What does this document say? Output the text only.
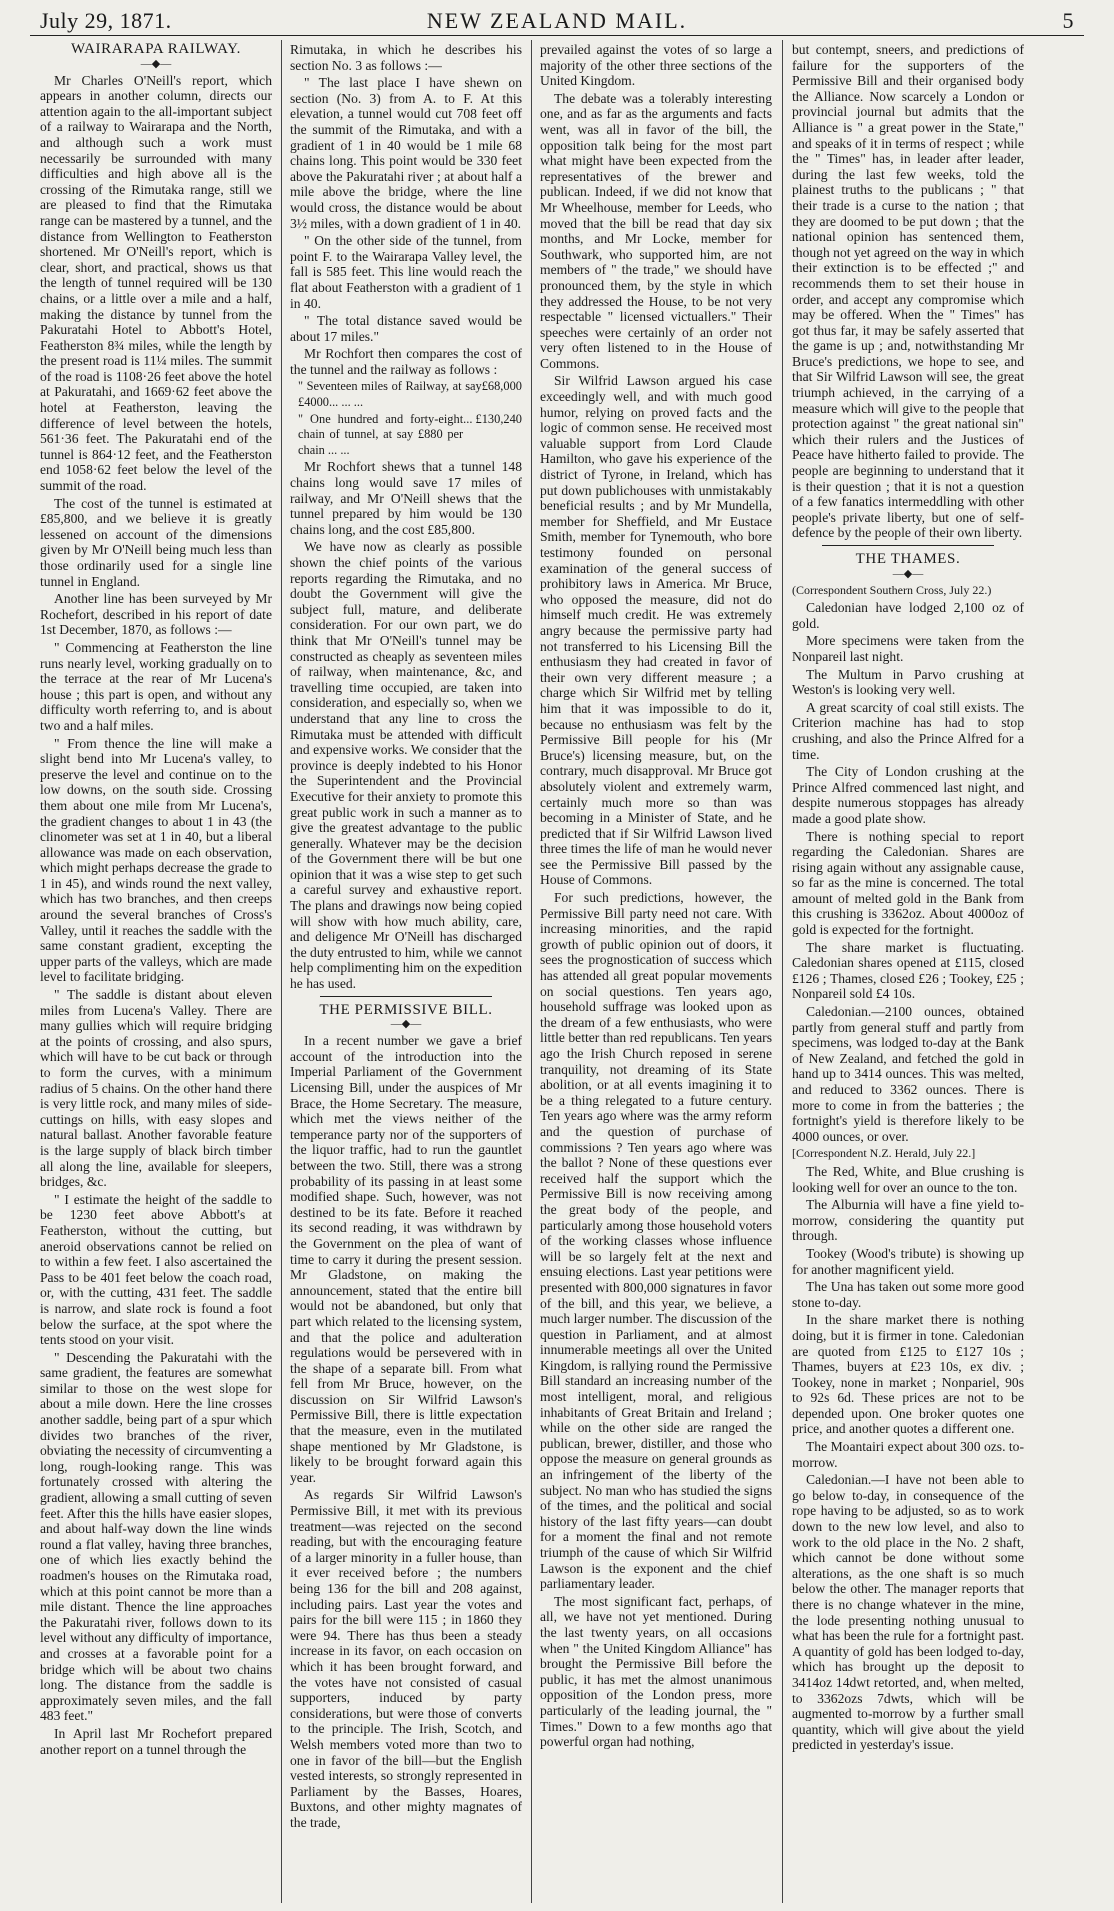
July 29, 1871.	NEW ZEALAND MAIL.	5
WAIRARAPA RAILWAY.
—◆—

Mr Charles O'Neill's report, which appears in another column, directs our attention again to the all-important subject of a railway to Wairarapa and the North, and although such a work must necessarily be surrounded with many difficulties and high above all is the crossing of the Rimutaka range, still we are pleased to find that the Rimutaka range can be mastered by a tunnel, and the distance from Wellington to Featherston shortened. Mr O'Neill's report, which is clear, short, and practical, shows us that the length of tunnel required will be 130 chains, or a little over a mile and a half, making the distance by tunnel from the Pakuratahi Hotel to Abbott's Hotel, Featherston 8¾ miles, while the length by the present road is 11¼ miles. The summit of the road is 1108·26 feet above the hotel at Pakuratahi, and 1669·62 feet above the hotel at Featherston, leaving the difference of level between the hotels, 561·36 feet. The Pakuratahi end of the tunnel is 864·12 feet, and the Featherston end 1058·62 feet below the level of the summit of the road.

The cost of the tunnel is estimated at £85,800, and we believe it is greatly lessened on account of the dimensions given by Mr O'Neill being much less than those ordinarily used for a single line tunnel in England.

Another line has been surveyed by Mr Rochefort, described in his report of date 1st December, 1870, as follows :—

" Commencing at Featherston the line runs nearly level, working gradually on to the terrace at the rear of Mr Lucena's house ; this part is open, and without any difficulty worth referring to, and is about two and a half miles.

" From thence the line will make a slight bend into Mr Lucena's valley, to preserve the level and continue on to the low downs, on the south side. Crossing them about one mile from Mr Lucena's, the gradient changes to about 1 in 43 (the clinometer was set at 1 in 40, but a liberal allowance was made on each observation, which might perhaps decrease the grade to 1 in 45), and winds round the next valley, which has two branches, and then creeps around the several branches of Cross's Valley, until it reaches the saddle with the same constant gradient, excepting the upper parts of the valleys, which are made level to facilitate bridging.

" The saddle is distant about eleven miles from Lucena's Valley. There are many gullies which will require bridging at the points of crossing, and also spurs, which will have to be cut back or through to form the curves, with a minimum radius of 5 chains. On the other hand there is very little rock, and many miles of side-cuttings on hills, with easy slopes and natural ballast. Another favorable feature is the large supply of black birch timber all along the line, available for sleepers, bridges, &c.

" I estimate the height of the saddle to be 1230 feet above Abbott's at Featherston, without the cutting, but aneroid observations cannot be relied on to within a few feet. I also ascertained the Pass to be 401 feet below the coach road, or, with the cutting, 431 feet. The saddle is narrow, and slate rock is found a foot below the surface, at the spot where the tents stood on your visit.

" Descending the Pakuratahi with the same gradient, the features are somewhat similar to those on the west slope for about a mile down. Here the line crosses another saddle, being part of a spur which divides two branches of the river, obviating the necessity of circumventing a long, rough-looking range. This was fortunately crossed with altering the gradient, allowing a small cutting of seven feet. After this the hills have easier slopes, and about half-way down the line winds round a flat valley, having three branches, one of which lies exactly behind the roadmen's houses on the Rimutaka road, which at this point cannot be more than a mile distant. Thence the line approaches the Pakuratahi river, follows down to its level without any difficulty of importance, and crosses at a favorable point for a bridge which will be about two chains long. The distance from the saddle is approximately seven miles, and the fall 483 feet."

In April last Mr Rochefort prepared another report on a tunnel through the

Rimutaka, in which he describes his section No. 3 as follows :—

" The last place I have shewn on section (No. 3) from A. to F. At this elevation, a tunnel would cut 708 feet off the summit of the Rimutaka, and with a gradient of 1 in 40 would be 1 mile 68 chains long. This point would be 330 feet above the Pakuratahi river ; at about half a mile above the bridge, where the line would cross, the distance would be about 3½ miles, with a down gradient of 1 in 40.

" On the other side of the tunnel, from point F. to the Wairarapa Valley level, the fall is 585 feet. This line would reach the flat about Featherston with a gradient of 1 in 40.

" The total distance saved would be about 17 miles."

Mr Rochfort then compares the cost of the tunnel and the railway as follows :

" Seventeen miles of Railway, at say £4000... ... ...
£68,000
" One hundred and forty-eight chain of tunnel, at say £880 per chain ... ...
... £130,240

Mr Rochfort shews that a tunnel 148 chains long would save 17 miles of railway, and Mr O'Neill shews that the tunnel prepared by him would be 130 chains long, and the cost £85,800.

We have now as clearly as possible shown the chief points of the various reports regarding the Rimutaka, and no doubt the Government will give the subject full, mature, and deliberate consideration. For our own part, we do think that Mr O'Neill's tunnel may be constructed as cheaply as seventeen miles of railway, when maintenance, &c, and travelling time occupied, are taken into consideration, and especially so, when we understand that any line to cross the Rimutaka must be attended with difficult and expensive works. We consider that the province is deeply indebted to his Honor the Superintendent and the Provincial Executive for their anxiety to promote this great public work in such a manner as to give the greatest advantage to the public generally. Whatever may be the decision of the Government there will be but one opinion that it was a wise step to get such a careful survey and exhaustive report. The plans and drawings now being copied will show with how much ability, care, and deligence Mr O'Neill has discharged the duty entrusted to him, while we cannot help complimenting him on the expedition he has used.

THE PERMISSIVE BILL.
—◆—

In a recent number we gave a brief account of the introduction into the Imperial Parliament of the Government Licensing Bill, under the auspices of Mr Brace, the Home Secretary. The measure, which met the views neither of the temperance party nor of the supporters of the liquor traffic, had to run the gauntlet between the two. Still, there was a strong probability of its passing in at least some modified shape. Such, however, was not destined to be its fate. Before it reached its second reading, it was withdrawn by the Government on the plea of want of time to carry it during the present session. Mr Gladstone, on making the announcement, stated that the entire bill would not be abandoned, but only that part which related to the licensing system, and that the police and adulteration regulations would be persevered with in the shape of a separate bill. From what fell from Mr Bruce, however, on the discussion on Sir Wilfrid Lawson's Permissive Bill, there is little expectation that the measure, even in the mutilated shape mentioned by Mr Gladstone, is likely to be brought forward again this year.

As regards Sir Wilfrid Lawson's Permissive Bill, it met with its previous treatment—was rejected on the second reading, but with the encouraging feature of a larger minority in a fuller house, than it ever received before ; the numbers being 136 for the bill and 208 against, including pairs. Last year the votes and pairs for the bill were 115 ; in 1860 they were 94. There has thus been a steady increase in its favor, on each occasion on which it has been brought forward, and the votes have not consisted of casual supporters, induced by party considerations, but were those of converts to the principle. The Irish, Scotch, and Welsh members voted more than two to one in favor of the bill—but the English vested interests, so strongly represented in Parliament by the Basses, Hoares, Buxtons, and other mighty magnates of the trade,

prevailed against the votes of so large a majority of the other three sections of the United Kingdom.

The debate was a tolerably interesting one, and as far as the arguments and facts went, was all in favor of the bill, the opposition talk being for the most part what might have been expected from the representatives of the brewer and publican. Indeed, if we did not know that Mr Wheelhouse, member for Leeds, who moved that the bill be read that day six months, and Mr Locke, member for Southwark, who supported him, are not members of " the trade," we should have pronounced them, by the style in which they addressed the House, to be not very respectable " licensed victuallers." Their speeches were certainly of an order not very often listened to in the House of Commons.

Sir Wilfrid Lawson argued his case exceedingly well, and with much good humor, relying on proved facts and the logic of common sense. He received most valuable support from Lord Claude Hamilton, who gave his experience of the district of Tyrone, in Ireland, which has put down publichouses with unmistakably beneficial results ; and by Mr Mundella, member for Sheffield, and Mr Eustace Smith, member for Tynemouth, who bore testimony founded on personal examination of the general success of prohibitory laws in America. Mr Bruce, who opposed the measure, did not do himself much credit. He was extremely angry because the permissive party had not transferred to his Licensing Bill the enthusiasm they had created in favor of their own very different measure ; a charge which Sir Wilfrid met by telling him that it was impossible to do it, because no enthusiasm was felt by the Permissive Bill people for his (Mr Bruce's) licensing measure, but, on the contrary, much disapproval. Mr Bruce got absolutely violent and extremely warm, certainly much more so than was becoming in a Minister of State, and he predicted that if Sir Wilfrid Lawson lived three times the life of man he would never see the Permissive Bill passed by the House of Commons.

For such predictions, however, the Permissive Bill party need not care. With increasing minorities, and the rapid growth of public opinion out of doors, it sees the prognostication of success which has attended all great popular movements on social questions. Ten years ago, household suffrage was looked upon as the dream of a few enthusiasts, who were little better than red republicans. Ten years ago the Irish Church reposed in serene tranquility, not dreaming of its State abolition, or at all events imagining it to be a thing relegated to a future century. Ten years ago where was the army reform and the question of purchase of commissions ? Ten years ago where was the ballot ? None of these questions ever received half the support which the Permissive Bill is now receiving among the great body of the people, and particularly among those household voters of the working classes whose influence will be so largely felt at the next and ensuing elections. Last year petitions were presented with 800,000 signatures in favor of the bill, and this year, we believe, a much larger number. The discussion of the question in Parliament, and at almost innumerable meetings all over the United Kingdom, is rallying round the Permissive Bill standard an increasing number of the most intelligent, moral, and religious inhabitants of Great Britain and Ireland ; while on the other side are ranged the publican, brewer, distiller, and those who oppose the measure on general grounds as an infringement of the liberty of the subject. No man who has studied the signs of the times, and the political and social history of the last fifty years—can doubt for a moment the final and not remote triumph of the cause of which Sir Wilfrid Lawson is the exponent and the chief parliamentary leader.

The most significant fact, perhaps, of all, we have not yet mentioned. During the last twenty years, on all occasions when " the United Kingdom Alliance" has brought the Permissive Bill before the public, it has met the almost unanimous opposition of the London press, more particularly of the leading journal, the " Times." Down to a few months ago that powerful organ had nothing,

but contempt, sneers, and predictions of failure for the supporters of the Permissive Bill and their organised body the Alliance. Now scarcely a London or provincial journal but admits that the Alliance is " a great power in the State," and speaks of it in terms of respect ; while the " Times" has, in leader after leader, during the last few weeks, told the plainest truths to the publicans ; " that their trade is a curse to the nation ; that they are doomed to be put down ; that the national opinion has sentenced them, though not yet agreed on the way in which their extinction is to be effected ;" and recommends them to set their house in order, and accept any compromise which may be offered. When the " Times" has got thus far, it may be safely asserted that the game is up ; and, notwithstanding Mr Bruce's predictions, we hope to see, and that Sir Wilfrid Lawson will see, the great triumph achieved, in the carrying of a measure which will give to the people that protection against " the great national sin" which their rulers and the Justices of Peace have hitherto failed to provide. The people are beginning to understand that it is their question ; that it is not a question of a few fanatics intermeddling with other people's private liberty, but one of self-defence by the people of their own liberty.

THE THAMES.
—◆—

(Correspondent Southern Cross, July 22.)

Caledonian have lodged 2,100 oz of gold.

More specimens were taken from the Nonpareil last night.

The Multum in Parvo crushing at Weston's is looking very well.

A great scarcity of coal still exists. The Criterion machine has had to stop crushing, and also the Prince Alfred for a time.

The City of London crushing at the Prince Alfred commenced last night, and despite numerous stoppages has already made a good plate show.

There is nothing special to report regarding the Caledonian. Shares are rising again without any assignable cause, so far as the mine is concerned. The total amount of melted gold in the Bank from this crushing is 3362oz. About 4000oz of gold is expected for the fortnight.

The share market is fluctuating. Caledonian shares opened at £115, closed £126 ; Thames, closed £26 ; Tookey, £25 ; Nonpareil sold £4 10s.

Caledonian.—2100 ounces, obtained partly from general stuff and partly from specimens, was lodged to-day at the Bank of New Zealand, and fetched the gold in hand up to 3414 ounces. This was melted, and reduced to 3362 ounces. There is more to come in from the batteries ; the fortnight's yield is therefore likely to be 4000 ounces, or over.

[Correspondent N.Z. Herald, July 22.]

The Red, White, and Blue crushing is looking well for over an ounce to the ton.

The Alburnia will have a fine yield to-morrow, considering the quantity put through.

Tookey (Wood's tribute) is showing up for another magnificent yield.

The Una has taken out some more good stone to-day.

In the share market there is nothing doing, but it is firmer in tone. Caledonian are quoted from £125 to £127 10s ; Thames, buyers at £23 10s, ex div. ; Tookey, none in market ; Nonpariel, 90s to 92s 6d. These prices are not to be depended upon. One broker quotes one price, and another quotes a different one.

The Moantairi expect about 300 ozs. to-morrow.

Caledonian.—I have not been able to go below to-day, in consequence of the rope having to be adjusted, so as to work down to the new low level, and also to work to the old place in the No. 2 shaft, which cannot be done without some alterations, as the one shaft is so much below the other. The manager reports that there is no change whatever in the mine, the lode presenting nothing unusual to what has been the rule for a fortnight past. A quantity of gold has been lodged to-day, which has brought up the deposit to 3414oz 14dwt retorted, and, when melted, to 3362ozs 7dwts, which will be augmented to-morrow by a further small quantity, which will give about the yield predicted in yesterday's issue.
